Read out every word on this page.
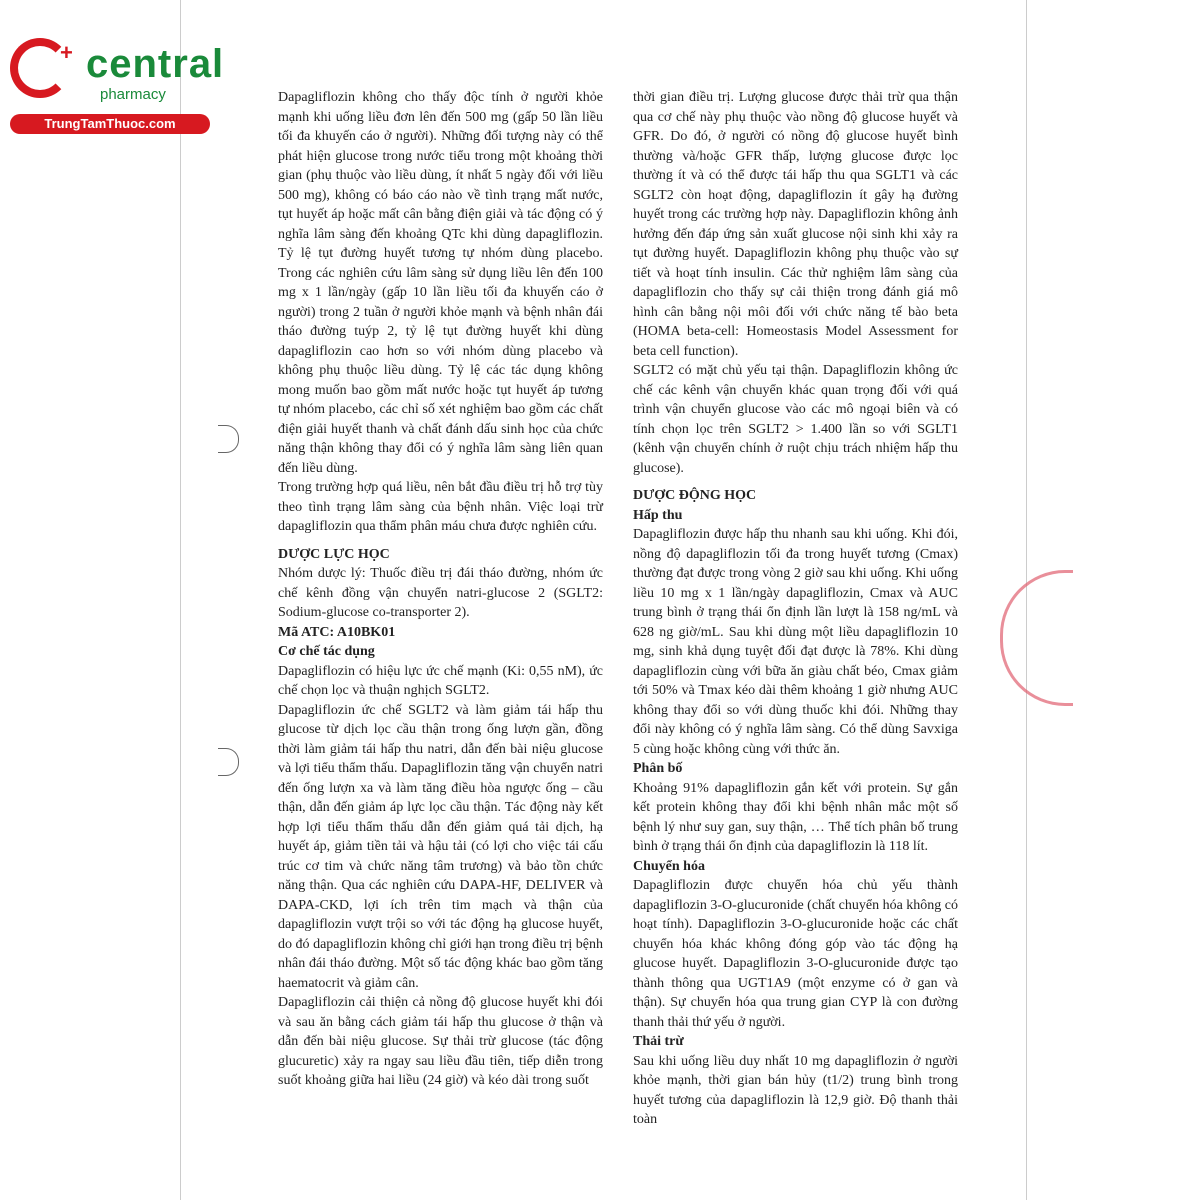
+ central
pharmacy
TrungTamThuoc.com

Dapagliflozin không cho thấy độc tính ở người khỏe mạnh khi uống liều đơn lên đến 500 mg (gấp 50 lần liều tối đa khuyến cáo ở người). Những đối tượng này có thể phát hiện glucose trong nước tiểu trong một khoảng thời gian (phụ thuộc vào liều dùng, ít nhất 5 ngày đối với liều 500 mg), không có báo cáo nào về tình trạng mất nước, tụt huyết áp hoặc mất cân bằng điện giải và tác động có ý nghĩa lâm sàng đến khoảng QTc khi dùng dapagliflozin. Tỷ lệ tụt đường huyết tương tự nhóm dùng placebo. Trong các nghiên cứu lâm sàng sử dụng liều lên đến 100 mg x 1 lần/ngày (gấp 10 lần liều tối đa khuyến cáo ở người) trong 2 tuần ở người khỏe mạnh và bệnh nhân đái tháo đường tuýp 2, tỷ lệ tụt đường huyết khi dùng dapagliflozin cao hơn so với nhóm dùng placebo và không phụ thuộc liều dùng. Tỷ lệ các tác dụng không mong muốn bao gồm mất nước hoặc tụt huyết áp tương tự nhóm placebo, các chỉ số xét nghiệm bao gồm các chất điện giải huyết thanh và chất đánh dấu sinh học của chức năng thận không thay đổi có ý nghĩa lâm sàng liên quan đến liều dùng.

Trong trường hợp quá liều, nên bắt đầu điều trị hỗ trợ tùy theo tình trạng lâm sàng của bệnh nhân. Việc loại trừ dapagliflozin qua thẩm phân máu chưa được nghiên cứu.

DƯỢC LỰC HỌC

Nhóm dược lý: Thuốc điều trị đái tháo đường, nhóm ức chế kênh đồng vận chuyển natri-glucose 2 (SGLT2: Sodium-glucose co-transporter 2).

Mã ATC: A10BK01

Cơ chế tác dụng

Dapagliflozin có hiệu lực ức chế mạnh (Ki: 0,55 nM), ức chế chọn lọc và thuận nghịch SGLT2.

Dapagliflozin ức chế SGLT2 và làm giảm tái hấp thu glucose từ dịch lọc cầu thận trong ống lượn gần, đồng thời làm giảm tái hấp thu natri, dẫn đến bài niệu glucose và lợi tiểu thẩm thấu. Dapagliflozin tăng vận chuyển natri đến ống lượn xa và làm tăng điều hòa ngược ống – cầu thận, dẫn đến giảm áp lực lọc cầu thận. Tác động này kết hợp lợi tiểu thẩm thấu dẫn đến giảm quá tải dịch, hạ huyết áp, giảm tiền tải và hậu tải (có lợi cho việc tái cấu trúc cơ tim và chức năng tâm trương) và bảo tồn chức năng thận. Qua các nghiên cứu DAPA-HF, DELIVER và DAPA-CKD, lợi ích trên tim mạch và thận của dapagliflozin vượt trội so với tác động hạ glucose huyết, do đó dapagliflozin không chỉ giới hạn trong điều trị bệnh nhân đái tháo đường. Một số tác động khác bao gồm tăng haematocrit và giảm cân.

Dapagliflozin cải thiện cả nồng độ glucose huyết khi đói và sau ăn bằng cách giảm tái hấp thu glucose ở thận và dẫn đến bài niệu glucose. Sự thải trừ glucose (tác động glucuretic) xảy ra ngay sau liều đầu tiên, tiếp diễn trong suốt khoảng giữa hai liều (24 giờ) và kéo dài trong suốt

thời gian điều trị. Lượng glucose được thải trừ qua thận qua cơ chế này phụ thuộc vào nồng độ glucose huyết và GFR. Do đó, ở người có nồng độ glucose huyết bình thường và/hoặc GFR thấp, lượng glucose được lọc thường ít và có thể được tái hấp thu qua SGLT1 và các SGLT2 còn hoạt động, dapagliflozin ít gây hạ đường huyết trong các trường hợp này. Dapagliflozin không ảnh hưởng đến đáp ứng sản xuất glucose nội sinh khi xảy ra tụt đường huyết. Dapagliflozin không phụ thuộc vào sự tiết và hoạt tính insulin. Các thử nghiệm lâm sàng của dapagliflozin cho thấy sự cải thiện trong đánh giá mô hình cân bằng nội môi đối với chức năng tế bào beta (HOMA beta-cell: Homeostasis Model Assessment for beta cell function).

SGLT2 có mặt chủ yếu tại thận. Dapagliflozin không ức chế các kênh vận chuyển khác quan trọng đối với quá trình vận chuyển glucose vào các mô ngoại biên và có tính chọn lọc trên SGLT2 > 1.400 lần so với SGLT1 (kênh vận chuyển chính ở ruột chịu trách nhiệm hấp thu glucose).

DƯỢC ĐỘNG HỌC

Hấp thu

Dapagliflozin được hấp thu nhanh sau khi uống. Khi đói, nồng độ dapagliflozin tối đa trong huyết tương (Cmax) thường đạt được trong vòng 2 giờ sau khi uống. Khi uống liều 10 mg x 1 lần/ngày dapagliflozin, Cmax và AUC trung bình ở trạng thái ổn định lần lượt là 158 ng/mL và 628 ng giờ/mL. Sau khi dùng một liều dapagliflozin 10 mg, sinh khả dụng tuyệt đối đạt được là 78%. Khi dùng dapagliflozin cùng với bữa ăn giàu chất béo, Cmax giảm tới 50% và Tmax kéo dài thêm khoảng 1 giờ nhưng AUC không thay đổi so với dùng thuốc khi đói. Những thay đổi này không có ý nghĩa lâm sàng. Có thể dùng Savxiga 5 cùng hoặc không cùng với thức ăn.

Phân bố

Khoảng 91% dapagliflozin gắn kết với protein. Sự gắn kết protein không thay đổi khi bệnh nhân mắc một số bệnh lý như suy gan, suy thận, … Thể tích phân bố trung bình ở trạng thái ổn định của dapagliflozin là 118 lít.

Chuyển hóa

Dapagliflozin được chuyển hóa chủ yếu thành dapagliflozin 3-O-glucuronide (chất chuyển hóa không có hoạt tính). Dapagliflozin 3-O-glucuronide hoặc các chất chuyển hóa khác không đóng góp vào tác động hạ glucose huyết. Dapagliflozin 3-O-glucuronide được tạo thành thông qua UGT1A9 (một enzyme có ở gan và thận). Sự chuyển hóa qua trung gian CYP là con đường thanh thải thứ yếu ở người.

Thải trừ

Sau khi uống liều duy nhất 10 mg dapagliflozin ở người khỏe mạnh, thời gian bán hủy (t1/2) trung bình trong huyết tương của dapagliflozin là 12,9 giờ. Độ thanh thải toàn
